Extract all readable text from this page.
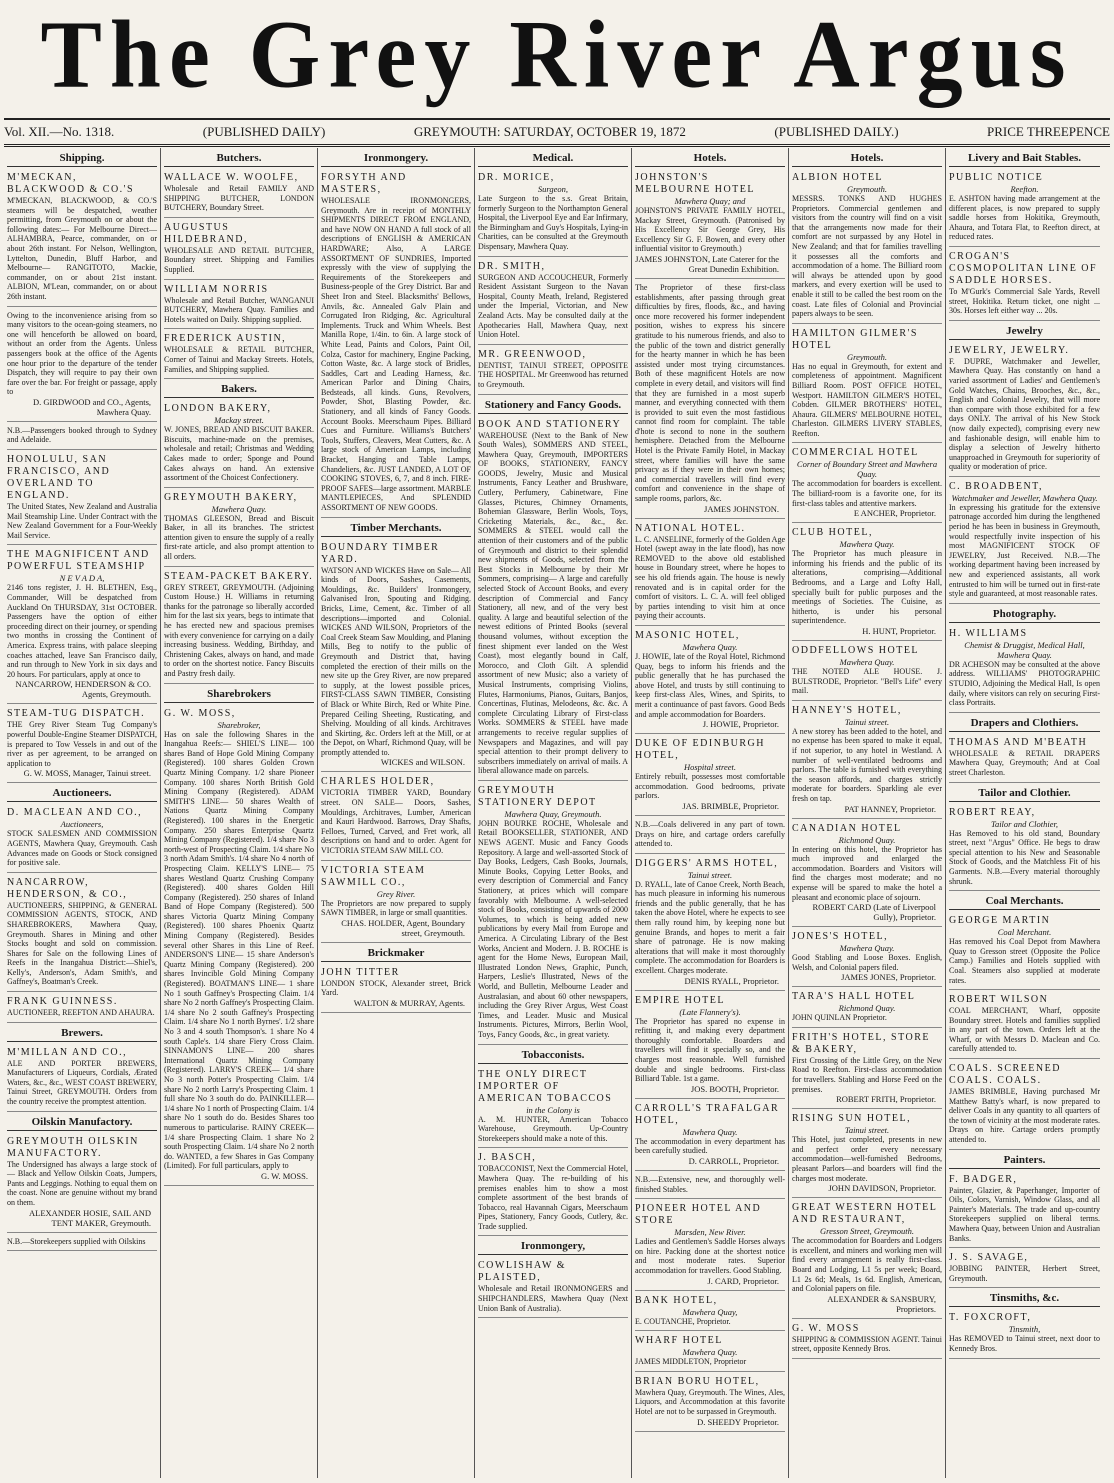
The Grey River Argus
Vol. XII.—No. 1318.	(PUBLISHED DAILY)	GREYMOUTH: SATURDAY, OCTOBER 19, 1872	(PUBLISHED DAILY.)	PRICE THREEPENCE
Shipping.
M'MECKAN, BLACKWOOD & CO.'S
M'MECKAN, BLACKWOOD, & CO.'S steamers will be despatched, weather permitting, from Greymouth on or about the following dates:— For Melbourne Direct— ALHAMBRA, Pearce, commander, on or about 26th instant. For Nelson, Wellington, Lyttelton, Dunedin, Bluff Harbor, and Melbourne— RANGITOTO, Mackie, commander, on or about 21st instant. ALBION, M'Lean, commander, on or about 26th instant.
Owing to the inconvenience arising from so many visitors to the ocean-going steamers, no one will henceforth be allowed on board, without an order from the Agents. Unless passengers book at the office of the Agents one hour prior to the departure of the tender Dispatch, they will require to pay their own fare over the bar. For freight or passage, apply to
D. GIRDWOOD and CO., Agents, Mawhera Quay.
N.B.—Passengers booked through to Sydney and Adelaide.
HONOLULU, SAN FRANCISCO, AND OVERLAND TO ENGLAND.
The United States, New Zealand and Australia Mail Steamship Line. Under Contract with the New Zealand Government for a Four-Weekly Mail Service.
THE MAGNIFICENT AND POWERFUL STEAMSHIP
N E V A D A,
2146 tons register, J. H. BLETHEN, Esq., Commander, Will be despatched from Auckland On THURSDAY, 31st OCTOBER. Passengers have the option of either proceeding direct on their journey, or spending two months in crossing the Continent of America. Express trains, with palace sleeping coaches attached, leave San Francisco daily, and run through to New York in six days and 20 hours. For particulars, apply at once to
NANCARROW, HENDERSON & CO. Agents, Greymouth.
STEAM-TUG DISPATCH.
THE Grey River Steam Tug Company's powerful Double-Engine Steamer DISPATCH, is prepared to Tow Vessels in and out of the river as per agreement, to be arranged on application to
G. W. MOSS, Manager, Tainui street.
Auctioneers.
D. MACLEAN AND CO.,
Auctioneers,
STOCK SALESMEN AND COMMISSION AGENTS, Mawhera Quay, Greymouth. Cash Advances made on Goods or Stock consigned for positive sale.
NANCARROW, HENDERSON, & CO.,
AUCTIONEERS, SHIPPING, & GENERAL COMMISSION AGENTS, STOCK, AND SHAREBROKERS, Mawhera Quay, Greymouth. Shares in Mining and other Stocks bought and sold on commission. Shares for Sale on the following Lines of Reefs in the Inangahua District:—Shiel's, Kelly's, Anderson's, Adam Smith's, and Gaffney's, Boatman's Creek.
FRANK GUINNESS.
AUCTIONEER, REEFTON AND AHAURA.
Brewers.
M'MILLAN AND CO.,
ALE AND PORTER BREWERS, Manufacturers of Liqueurs, Cordials, Ærated Waters, &c., &c., WEST COAST BREWERY, Tainui Street, GREYMOUTH. Orders from the country receive the promptest attention.
Oilskin Manufactory.
GREYMOUTH OILSKIN MANUFACTORY.
The Undersigned has always a large stock of— Black and Yellow Oilskin Coats, Jumpers, Pants and Leggings. Nothing to equal them on the coast. None are genuine without my brand on them.
ALEXANDER HOSIE, SAIL AND TENT MAKER, Greymouth.
N.B.—Storekeepers supplied with Oilskins
Butchers.
WALLACE W. WOOLFE,
Wholesale and Retail FAMILY AND SHIPPING BUTCHER, LONDON BUTCHERY, Boundary Street.
AUGUSTUS HILDEBRAND,
WHOLESALE AND RETAIL BUTCHER, Boundary street. Shipping and Families Supplied.
WILLIAM NORRIS
Wholesale and Retail Butcher, WANGANUI BUTCHERY, Mawhera Quay. Families and Hotels waited on Daily. Shipping supplied.
FREDERICK AUSTIN,
WHOLESALE & RETAIL BUTCHER, Corner of Tainui and Mackay Streets. Hotels, Families, and Shipping supplied.
Bakers.
LONDON BAKERY,
Mackay street.
W. JONES, BREAD AND BISCUIT BAKER. Biscuits, machine-made on the premises, wholesale and retail; Christmas and Wedding Cakes made to order; Sponge and Pound Cakes always on hand. An extensive assortment of the Choicest Confectionery.
GREYMOUTH BAKERY,
Mawhera Quay.
THOMAS GLEESON, Bread and Biscuit Baker, in all its branches. The strictest attention given to ensure the supply of a really first-rate article, and also prompt attention to all orders.
STEAM-PACKET BAKERY.
GREY STREET, GREYMOUTH. (Adjoining Custom House.) H. Williams in returning thanks for the patronage so liberally accorded him for the last six years, begs to intimate that he has erected new and spacious premises with every convenience for carrying on a daily increasing business. Wedding, Birthday, and Christening Cakes, always on hand, and made to order on the shortest notice. Fancy Biscuits and Pastry fresh daily.
Sharebrokers
G. W. MOSS,
Sharebroker,
Has on sale the following Shares in the Inangahua Reefs:— SHIEL'S LINE— 100 shares Band of Hope Gold Mining Company (Registered). 100 shares Golden Crown Quartz Mining Company. 1/2 share Pioneer Company. 100 shares North British Gold Mining Company (Registered). ADAM SMITH'S LINE— 50 shares Wealth of Nations Quartz Mining Company (Registered). 100 shares in the Energetic Company. 250 shares Enterprise Quartz Mining Company (Registered). 1/4 share No 3 north-west of Prospecting Claim. 1/4 share No 3 north Adam Smith's. 1/4 share No 4 north of Prospecting Claim. KELLY'S LINE— 75 shares Westland Quartz Crushing Company (Registered). 400 shares Golden Hill Company (Registered). 250 shares of Inland Band of Hope Company (Registered). 500 shares Victoria Quartz Mining Company (Registered). 100 shares Phoenix Quartz Mining Company (Registered). Besides several other Shares in this Line of Reef. ANDERSON'S LINE— 15 share Anderson's Quartz Mining Company (Registered). 200 shares Invincible Gold Mining Company (Registered). BOATMAN'S LINE— 1 share No 1 south Gaffney's Prospecting Claim. 1/4 share No 2 north Gaffney's Prospecting Claim. 1/4 share No 2 south Gaffney's Prospecting Claim. 1/4 share No 1 north Byrnes'. 1/2 share No 3 and 4 south Thompson's. 1 share No 4 south Caple's. 1/4 share Fiery Cross Claim. SINNAMON'S LINE— 200 shares International Quartz Mining Company (Registered). LARRY'S CREEK— 1/4 share No 3 north Potter's Prospecting Claim. 1/4 share No 2 north Larry's Prospecting Claim. 1 full share No 3 south do do. PAINKILLER— 1/4 share No 1 north of Prospecting Claim. 1/4 share No 1 south do do. Besides Shares too numerous to particularise. RAINY CREEK— 1/4 share Prospecting Claim. 1 share No 2 south Prospecting Claim. 1/4 share No 2 north do. WANTED, a few Shares in Gas Company (Limited). For full particulars, apply to
G. W. MOSS.
Ironmongery.
FORSYTH AND MASTERS,
WHOLESALE IRONMONGERS, Greymouth. Are in receipt of MONTHLY SHIPMENTS DIRECT FROM ENGLAND, and have NOW ON HAND A full stock of all descriptions of ENGLISH & AMERICAN HARDWARE; Also, A LARGE ASSORTMENT OF SUNDRIES, Imported expressly with the view of supplying the Requirements of the Storekeepers and Business-people of the Grey District. Bar and Sheet Iron and Steel. Blacksmiths' Bellows, Anvils, &c. Annealed Galv Plain and Corrugated Iron Ridging, &c. Agricultural Implements. Truck and Whim Wheels. Best Manilla Rope, 1/4in. to 6in. A large stock of White Lead, Paints and Colors, Paint Oil, Colza, Castor for machinery, Engine Packing, Cotton Waste, &c. A large stock of Bridles, Saddles, Cart and Leading Harness, &c. American Parlor and Dining Chairs, Bedsteads, all kinds. Guns, Revolvers, Powder, Shot, Blasting Powder, &c. Stationery, and all kinds of Fancy Goods. Account Books. Meerschaum Pipes. Billiard Cues and Furniture. Williams's Butchers' Tools, Stuffers, Cleavers, Meat Cutters, &c. A large stock of American Lamps, including Bracket, Hanging and Table Lamps, Chandeliers, &c. JUST LANDED, A LOT OF COOKING STOVES, 6, 7, and 8 inch. FIRE-PROOF SAFES—large assortment. MARBLE MANTLEPIECES, And SPLENDID ASSORTMENT OF NEW GOODS.
Timber Merchants.
BOUNDARY TIMBER YARD.
WATSON AND WICKES Have on Sale— All kinds of Doors, Sashes, Casements, Mouldings, &c. Builders' Ironmongery, Galvanised Iron, Spouting and Ridging. Bricks, Lime, Cement, &c. Timber of all descriptions—imported and Colonial. WICKES AND WILSON, Proprietors of the Coal Creek Steam Saw Moulding, and Planing Mills, Beg to notify to the public of Greymouth and District that, having completed the erection of their mills on the new site up the Grey River, are now prepared to supply, at the lowest possible prices, FIRST-CLASS SAWN TIMBER, Consisting of Black or White Birch, Red or White Pine. Prepared Ceiling Sheeting, Rusticating, and Shelving. Moulding of all kinds. Architraves and Skirting, &c. Orders left at the Mill, or at the Depot, on Wharf, Richmond Quay, will be promptly attended to.
WICKES and WILSON.
CHARLES HOLDER,
VICTORIA TIMBER YARD, Boundary street. ON SALE— Doors, Sashes, Mouldings, Architraves, Lumber, American and Kauri Hardwood. Barrows, Dray Shafts, Felloes, Turned, Carved, and Fret work, all descriptions on hand and to order. Agent for VICTORIA STEAM SAW MILL CO.
VICTORIA STEAM SAWMILL CO.,
Grey River.
The Proprietors are now prepared to supply SAWN TIMBER, in large or small quantities.
CHAS. HOLDER, Agent, Boundary street, Greymouth.
Brickmaker
JOHN TITTER
LONDON STOCK, Alexander street, Brick Yard.
WALTON & MURRAY, Agents.
Medical.
DR. MORICE,
Surgeon,
Late Surgeon to the s.s. Great Britain, formerly Surgeon to the Northampton General Hospital, the Liverpool Eye and Ear Infirmary, the Birmingham and Guy's Hospitals, Lying-in Charities, can be consulted at the Greymouth Dispensary, Mawhera Quay.
DR. SMITH,
SURGEON AND ACCOUCHEUR, Formerly Resident Assistant Surgeon to the Navan Hospital, County Meath, Ireland, Registered under the Imperial, Victorian, and New Zealand Acts. May be consulted daily at the Apothecaries Hall, Mawhera Quay, next Union Hotel.
MR. GREENWOOD,
DENTIST, TAINUI STREET, OPPOSITE THE HOSPITAL. Mr Greenwood has returned to Greymouth.
Stationery and Fancy Goods.
BOOK AND STATIONERY
WAREHOUSE (Next to the Bank of New South Wales), SOMMERS AND STEEL, Mawhera Quay, Greymouth, IMPORTERS OF BOOKS, STATIONERY, FANCY GOODS, Jewelry, Music and Musical Instruments, Fancy Leather and Brushware, Cutlery, Perfumery, Cabinetware, Fine Glasses, Pictures, Chimney Ornaments, Bohemian Glassware, Berlin Wools, Toys, Cricketing Materials, &c., &c., &c. SOMMERS & STEEL would call the attention of their customers and of the public of Greymouth and district to their splendid new shipments of Goods, selected from the Best Stocks in Melbourne by their Mr Sommers, comprising— A large and carefully selected Stock of Account Books, and every description of Commercial and Fancy Stationery, all new, and of the very best quality. A large and beautiful selection of the newest editions of Printed Books (several thousand volumes, without exception the finest shipment ever landed on the West Coast), most elegantly bound in Calf, Morocco, and Cloth Gilt. A splendid assortment of new Music; also a variety of Musical Instruments, comprising Violins, Flutes, Harmoniums, Pianos, Guitars, Banjos, Concertinas, Flutinas, Melodeons, &c. &c. A complete Circulating Library of First-class Works. SOMMERS & STEEL have made arrangements to receive regular supplies of Newspapers and Magazines, and will pay special attention to their prompt delivery to subscribers immediately on arrival of mails. A liberal allowance made on parcels.
GREYMOUTH STATIONERY DEPOT
Mawhera Quay, Greymouth.
JOHN BOURKE ROCHE, Wholesale and Retail BOOKSELLER, STATIONER, AND NEWS AGENT. Music and Fancy Goods Repository. A large and well-assorted Stock of Day Books, Ledgers, Cash Books, Journals, Minute Books, Copying Letter Books, and every description of Commercial and Fancy Stationery, at prices which will compare favorably with Melbourne. A well-selected stock of Books, consisting of upwards of 2000 Volumes, to which is being added new publications by every Mail from Europe and America. A Circulating Library of the Best Works, Ancient and Modern. J. B. ROCHE is agent for the Home News, European Mail, Illustrated London News, Graphic, Punch, Harpers, Leslie's Illustrated, News of the World, and Bulletin, Melbourne Leader and Australasian, and about 60 other newspapers, including the Grey River Argus, West Coast Times, and Leader. Music and Musical Instruments. Pictures, Mirrors, Berlin Wool, Toys, Fancy Goods, &c., in great variety.
Tobacconists.
THE ONLY DIRECT IMPORTER OF AMERICAN TOBACCOS
in the Colony is
A. M. HUNTER, American Tobacco Warehouse, Greymouth. Up-Country Storekeepers should make a note of this.
J. BASCH,
TOBACCONIST, Next the Commercial Hotel, Mawhera Quay. The re-building of his premises enables him to show a most complete assortment of the best brands of Tobacco, real Havannah Cigars, Meerschaum Pipes, Stationery, Fancy Goods, Cutlery, &c. Trade supplied.
Ironmongery,
COWLISHAW & PLAISTED,
Wholesale and Retail IRONMONGERS and SHIPCHANDLERS, Mawhera Quay (Next Union Bank of Australia).
Hotels.
JOHNSTON'S MELBOURNE HOTEL
Mawhera Quay; and
JOHNSTON'S PRIVATE FAMILY HOTEL, Mackay Street, Greymouth. (Patronised by His Excellency Sir George Grey, His Excellency Sir G. F. Bowen, and every other influential visitor to Greymouth.)
JAMES JOHNSTON, Late Caterer for the Great Dunedin Exhibition.
The Proprietor of these first-class establishments, after passing through great difficulties by fires, floods, &c., and having once more recovered his former independent position, wishes to express his sincere gratitude to his numerous friends, and also to the public of the town and district generally for the hearty manner in which he has been assisted under most trying circumstances. Both of these magnificent Hotels are now complete in every detail, and visitors will find that they are furnished in a most superb manner, and everything connected with them is provided to suit even the most fastidious cannot find room for complaint. The table d'hote is second to none in the southern hemisphere. Detached from the Melbourne Hotel is the Private Family Hotel, in Mackay street, where families will have the same privacy as if they were in their own homes; and commercial travellers will find every comfort and convenience in the shape of sample rooms, parlors, &c.
JAMES JOHNSTON.
NATIONAL HOTEL.
L. C. ANSELINE, formerly of the Golden Age Hotel (swept away in the late flood), has now REMOVED to the above old established house in Boundary street, where he hopes to see his old friends again. The house is newly renovated and is in capital order for the comfort of visitors. L. C. A. will feel obliged by parties intending to visit him at once paying their accounts.
MASONIC HOTEL,
Mawhera Quay.
J. HOWIE, late of the Royal Hotel, Richmond Quay, begs to inform his friends and the public generally that he has purchased the above Hotel, and trusts by still continuing to keep first-class Ales, Wines, and Spirits, to merit a continuance of past favors. Good Beds and ample accommodation for Boarders.
J. HOWIE, Proprietor.
DUKE OF EDINBURGH HOTEL,
Hospital street.
Entirely rebuilt, possesses most comfortable accommodation. Good bedrooms, private parlors.
JAS. BRIMBLE, Proprietor.
N.B.—Coals delivered in any part of town. Drays on hire, and cartage orders carefully attended to.
DIGGERS' ARMS HOTEL,
Tainui street.
D. RYALL, late of Canoe Creek, North Beach, has much pleasure in informing his numerous friends and the public generally, that he has taken the above Hotel, where he expects to see them rally round him, by keeping none but genuine Brands, and hopes to merit a fair share of patronage. He is now making alterations that will make it most thoroughly complete. The accommodation for Boarders is excellent. Charges moderate.
DENIS RYALL, Proprietor.
EMPIRE HOTEL
(Late Flannery's).
The Proprietor has spared no expense in refitting it, and making every department thoroughly comfortable. Boarders and travellers will find it specially so, and the charges most reasonable. Well furnished double and single bedrooms. First-class Billiard Table. 1st a game.
JOS. BOOTH, Proprietor.
CARROLL'S TRAFALGAR HOTEL,
Mawhera Quay.
The accommodation in every department has been carefully studied.
D. CARROLL, Proprietor.
N.B.—Extensive, new, and thoroughly well-finished Stables.
PIONEER HOTEL AND STORE
Marsden, New River.
Ladies and Gentlemen's Saddle Horses always on hire. Packing done at the shortest notice and most moderate rates. Superior accommodation for travellers. Good Stabling.
J. CARD, Proprietor.
BANK HOTEL,
Mawhera Quay,
E. COUTANCHE, Proprietor.
WHARF HOTEL
Mawhera Quay.
JAMES MIDDLETON, Proprietor
BRIAN BORU HOTEL,
Mawhera Quay, Greymouth. The Wines, Ales, Liquors, and Accommodation at this favorite Hotel are not to be surpassed in Greymouth.
D. SHEEDY Proprietor.
Hotels.
ALBION HOTEL
Greymouth.
MESSRS. TONKS AND HUGHES Proprietors. Commercial gentlemen and visitors from the country will find on a visit that the arrangements now made for their comfort are not surpassed by any Hotel in New Zealand; and that for families travelling it possesses all the comforts and accommodation of a home. The Billiard room will always be attended upon by good markers, and every exertion will be used to enable it still to be called the best room on the coast. Late files of Colonial and Provincial papers always to be seen.
HAMILTON GILMER'S HOTEL
Greymouth.
Has no equal in Greymouth, for extent and completeness of appointment. Magnificent Billiard Room. POST OFFICE HOTEL, Westport. HAMILTON GILMER'S HOTEL, Cobden. GILMER BROTHERS' HOTEL, Ahaura. GILMERS' MELBOURNE HOTEL, Charleston. GILMERS LIVERY STABLES, Reefton.
COMMERCIAL HOTEL
Corner of Boundary Street and Mawhera Quay.
The accommodation for boarders is excellent. The billiard-room is a favorite one, for its first-class tables and attentive markers.
E ANCHER, Proprietor.
CLUB HOTEL,
Mawhera Quay.
The Proprietor has much pleasure in informing his friends and the public of its alterations, comprising—Additional Bedrooms, and a Large and Lofty Hall, specially built for public purposes and the meetings of Societies. The Cuisine, as hitherto, is under his personal superintendence.
H. HUNT, Proprietor.
ODDFELLOWS HOTEL
Mawhera Quay.
THE NOTED ALE HOUSE. J. BULSTRODE, Proprietor. "Bell's Life" every mail.
HANNEY'S HOTEL,
Tainui street.
A new storey has been added to the hotel, and no expense has been spared to make it equal, if not superior, to any hotel in Westland. A number of well-ventilated bedrooms and parlors. The table is furnished with everything the season affords, and charges strictly moderate for boarders. Sparkling ale ever fresh on tap.
PAT HANNEY, Proprietor.
CANADIAN HOTEL
Richmond Quay.
In entering on this hotel, the Proprietor has much improved and enlarged the accommodation. Boarders and Visitors will find the charges most moderate; and no expense will be spared to make the hotel a pleasant and economic place of sojourn.
ROBERT CARD (Late of Liverpool Gully), Proprietor.
JONES'S HOTEL,
Mawhera Quay.
Good Stabling and Loose Boxes. English, Welsh, and Colonial papers filed.
JAMES JONES, Proprietor.
TARA'S HALL HOTEL
Richmond Quay.
JOHN QUINLAN Proprietor.
FRITH'S HOTEL, STORE & BAKERY,
First Crossing of the Little Grey, on the New Road to Reefton. First-class accommodation for travellers. Stabling and Horse Feed on the premises.
ROBERT FRITH, Proprietor.
RISING SUN HOTEL,
Tainui street.
This Hotel, just completed, presents in new and perfect order every necessary accommodation—well-furnished Bedrooms, pleasant Parlors—and boarders will find the charges most moderate.
JOHN DAVIDSON, Proprietor.
GREAT WESTERN HOTEL AND RESTAURANT,
Gresson Street, Greymouth.
The accommodation for Boarders and Lodgers is excellent, and miners and working men will find every arrangement is really first-class. Board and Lodging, L1 5s per week; Board, L1 2s 6d; Meals, 1s 6d. English, American, and Colonial papers on file.
ALEXANDER & SANSBURY, Proprietors.
G. W. MOSS
SHIPPING & COMMISSION AGENT. Tainui street, opposite Kennedy Bros.
Livery and Bait Stables.
PUBLIC NOTICE
Reefton.
E. ASHTON having made arrangement at the different places, is now prepared to supply saddle horses from Hokitika, Greymouth, Ahaura, and Totara Flat, to Reefton direct, at reduced rates.
CROGAN'S COSMOPOLITAN LINE OF SADDLE HORSES.
To M'Gurk's Commercial Sale Yards, Revell street, Hokitika. Return ticket, one night ... 30s. Horses left either way ... 20s.
Jewelry
JEWELRY, JEWELRY.
F. DUPRE, Watchmaker and Jeweller, Mawhera Quay. Has constantly on hand a varied assortment of Ladies' and Gentlemen's Gold Watches, Chains, Brooches, &c., &c., English and Colonial Jewelry, that will more than compare with those exhibited for a few days ONLY. The arrival of his New Stock (now daily expected), comprising every new and fashionable design, will enable him to display a selection of Jewelry hitherto unapproached in Greymouth for superiority of quality or moderation of price.
C. BROADBENT,
Watchmaker and Jeweller, Mawhera Quay.
In expressing his gratitude for the extensive patronage accorded him during the lengthened period he has been in business in Greymouth, would respectfully invite inspection of his most MAGNIFICENT STOCK OF JEWELRY, Just Received. N.B.—The working department having been increased by new and experienced assistants, all work entrusted to him will be turned out in first-rate style and guaranteed, at most reasonable rates.
Photography.
H. WILLIAMS
Chemist & Druggist, Medical Hall, Mawhera Quay.
DR ACHESON may be consulted at the above address. WILLIAMS' PHOTOGRAPHIC STUDIO, Adjoining the Medical Hall, Is open daily, where visitors can rely on securing First-class Portraits.
Drapers and Clothiers.
THOMAS AND M'BEATH
WHOLESALE & RETAIL DRAPERS Mawhera Quay, Greymouth; And at Coal street Charleston.
Tailor and Clothier.
ROBERT REAY,
Tailor and Clothier,
Has Removed to his old stand, Boundary street, next "Argus" Office. He begs to draw special attention to his New and Seasonable Stock of Goods, and the Matchless Fit of his Garments. N.B.—Every material thoroughly shrunk.
Coal Merchants.
GEORGE MARTIN
Coal Merchant.
Has removed his Coal Depot from Mawhera Quay to Gresson street (Opposite the Police Camp.) Families and Hotels supplied with Coal. Steamers also supplied at moderate rates.
ROBERT WILSON
COAL MERCHANT, Wharf, opposite Boundary street. Hotels and families supplied in any part of the town. Orders left at the Wharf, or with Messrs D. Maclean and Co. carefully attended to.
COALS. SCREENED COALS. COALS.
JAMES BRIMBLE, Having purchased Mr Matthew Batty's wharf, is now prepared to deliver Coals in any quantity to all quarters of the town of vicinity at the most moderate rates. Drays on hire. Cartage orders promptly attended to.
Painters.
F. BADGER,
Painter, Glazier, & Paperhanger, Importer of Oils, Colors, Varnish, Window Glass, and all Painter's Materials. The trade and up-country Storekeepers supplied on liberal terms. Mawhera Quay, between Union and Australian Banks.
J. S. SAVAGE,
JOBBING PAINTER, Herbert Street, Greymouth.
Tinsmiths, &c.
T. FOXCROFT,
Tinsmith,
Has REMOVED to Tainui street, next door to Kennedy Bros.
